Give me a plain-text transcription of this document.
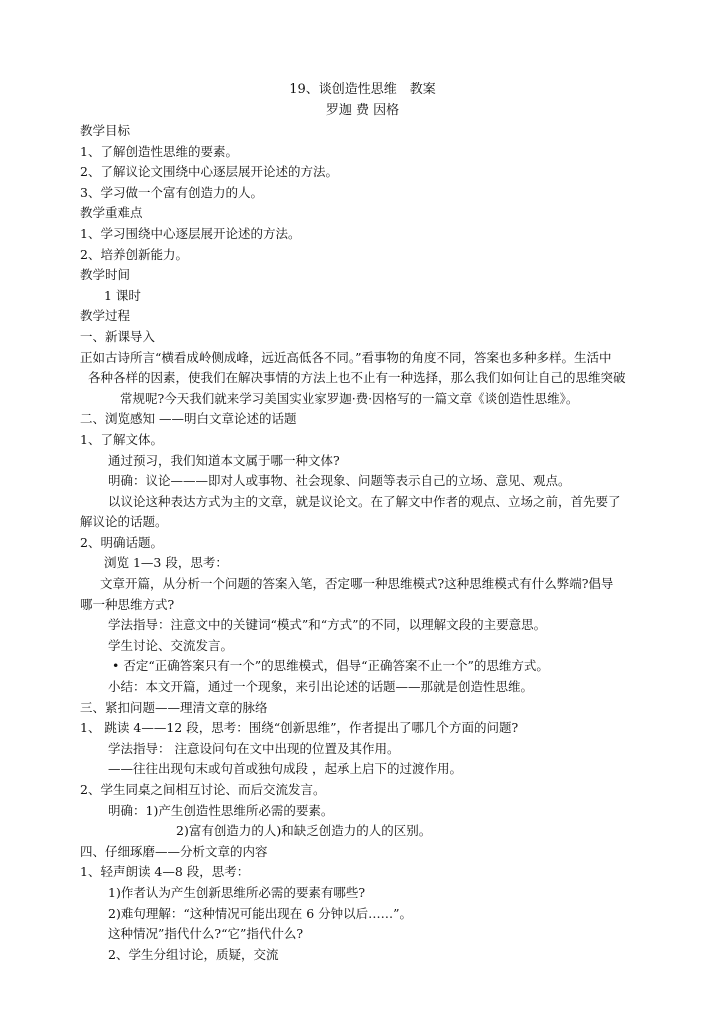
19、谈创造性思维　教案
罗迦 费 因格
教学目标
1、了解创造性思维的要素。
2、了解议论文围绕中心逐层展开论述的方法。
3、学习做一个富有创造力的人。
教学重难点
1、学习围绕中心逐层展开论述的方法。
2、培养创新能力。
教学时间
1 课时
教学过程
一、新课导入
正如古诗所言“横看成岭侧成峰，远近高低各不同。”看事物的角度不同，答案也多种多样。生活中
各种各样的因素，使我们在解决事情的方法上也不止有一种选择，那么我们如何让自己的思维突破
常规呢?今天我们就来学习美国实业家罗迦·费·因格写的一篇文章《谈创造性思维》。
二、浏览感知 ——明白文章论述的话题
1、了解文体。
通过预习，我们知道本文属于哪一种文体?
明确：议论———即对人或事物、社会现象、问题等表示自己的立场、意见、观点。
以议论这种表达方式为主的文章，就是议论文。在了解文中作者的观点、立场之前，首先要了
解议论的话题。
2、明确话题。
浏览 1—3 段，思考：
文章开篇，从分析一个问题的答案入笔，否定哪一种思维模式?这种思维模式有什么弊端?倡导
哪一种思维方式?
学法指导：注意文中的关键词“模式”和“方式”的不同，以理解文段的主要意思。
学生讨论、交流发言。
• 否定“正确答案只有一个”的思维模式，倡导“正确答案不止一个”的思维方式。
小结：本文开篇，通过一个现象，来引出论述的话题——那就是创造性思维。
三、紧扣问题——理清文章的脉络
1、 跳读 4——12 段，思考：围绕“创新思维”，作者提出了哪几个方面的问题?
学法指导： 注意设问句在文中出现的位置及其作用。
——往往出现句末或句首或独句成段 ，起承上启下的过渡作用。
2、学生同桌之间相互讨论、而后交流发言。
明确：1)产生创造性思维所必需的要素。
2)富有创造力的人)和缺乏创造力的人的区别。
四、仔细琢磨——分析文章的内容
1、轻声朗读 4—8 段，思考：
1)作者认为产生创新思维所必需的要素有哪些?
2)难句理解：“这种情况可能出现在 6 分钟以后……”。
这种情况”指代什么?“它”指代什么?
2、学生分组讨论，质疑，交流
